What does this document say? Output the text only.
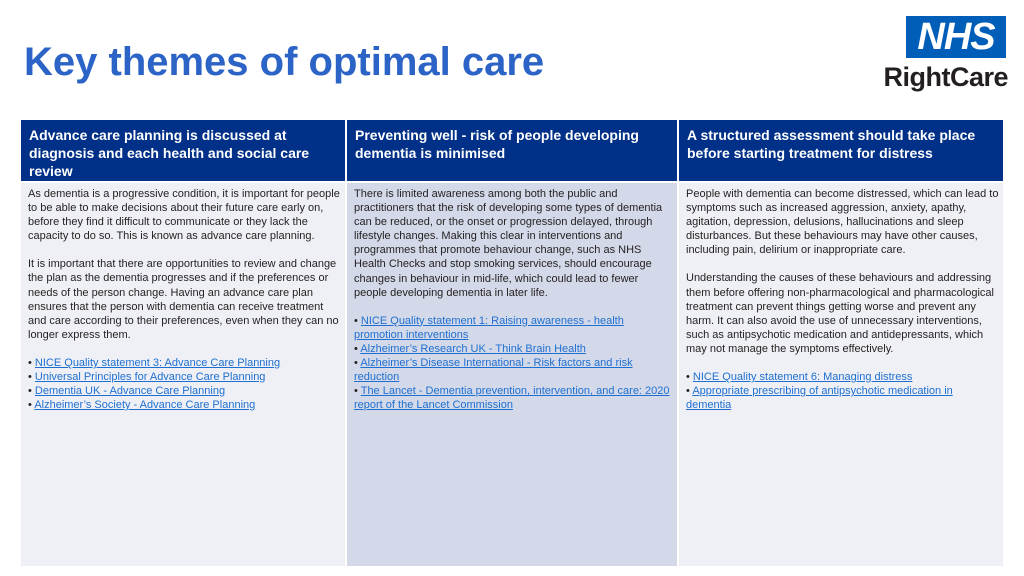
Key themes of optimal care
NHS
RightCare
Advance care planning is discussed at diagnosis and each health and social care review

As dementia is a progressive condition, it is important for people to be able to make decisions about their future care early on, before they find it difficult to communicate or they lack the capacity to do so. This is known as advance care planning.

It is important that there are opportunities to review and change the plan as the dementia progresses and if the preferences or needs of the person change. Having an advance care plan ensures that the person with dementia can receive treatment and care according to their preferences, even when they can no longer express them.

• NICE Quality statement 3: Advance Care Planning
• Universal Principles for Advance Care Planning
• Dementia UK - Advance Care Planning
• Alzheimer’s Society - Advance Care Planning
Preventing well - risk of people developing dementia is minimised

There is limited awareness among both the public and practitioners that the risk of developing some types of dementia can be reduced, or the onset or progression delayed, through lifestyle changes. Making this clear in interventions and programmes that promote behaviour change, such as NHS Health Checks and stop smoking services, should encourage changes in behaviour in mid-life, which could lead to fewer people developing dementia in later life.

• NICE Quality statement 1: Raising awareness - health promotion interventions
• Alzheimer’s Research UK - Think Brain Health
• Alzheimer’s Disease International - Risk factors and risk reduction
• The Lancet - Dementia prevention, intervention, and care: 2020 report of the Lancet Commission
A structured assessment should take place before starting treatment for distress

People with dementia can become distressed, which can lead to symptoms such as increased aggression, anxiety, apathy, agitation, depression, delusions, hallucinations and sleep disturbances. But these behaviours may have other causes, including pain, delirium or inappropriate care.

Understanding the causes of these behaviours and addressing them before offering non-pharmacological and pharmacological treatment can prevent things getting worse and prevent any harm. It can also avoid the use of unnecessary interventions, such as antipsychotic medication and antidepressants, which may not manage the symptoms effectively.

• NICE Quality statement 6: Managing distress
• Appropriate prescribing of antipsychotic medication in dementia
